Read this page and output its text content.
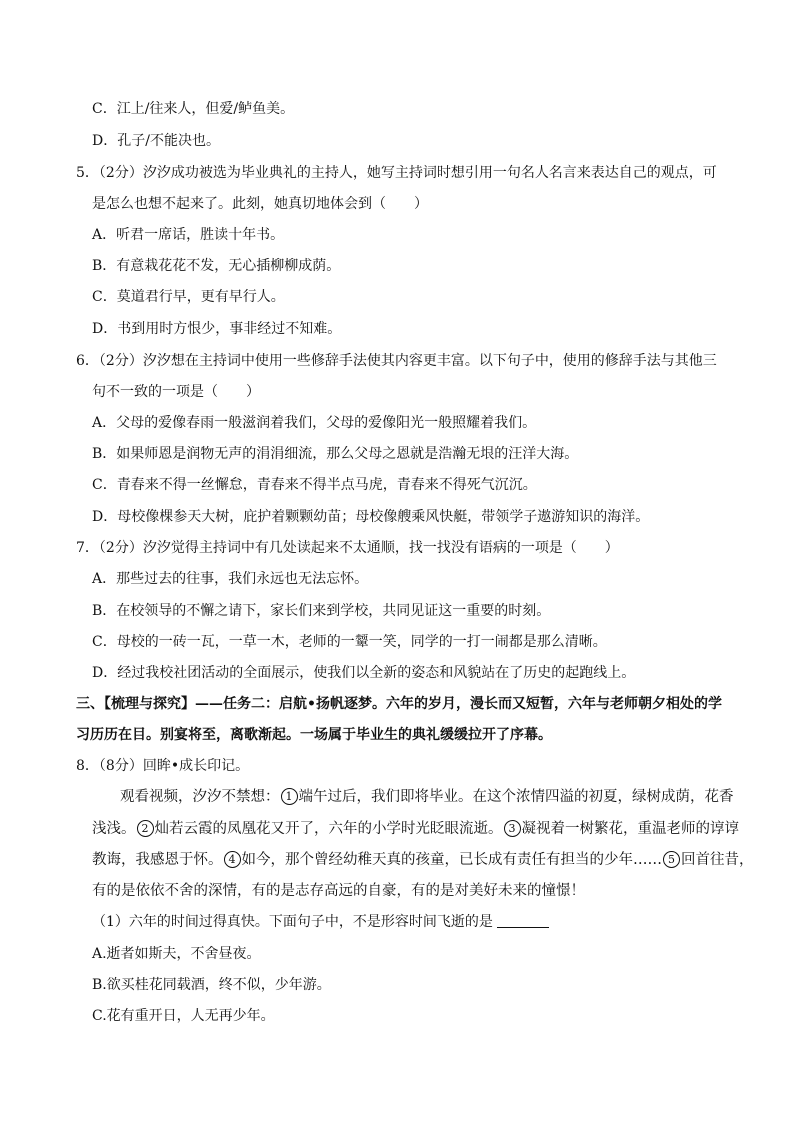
C．江上/往来人，但爱/鲈鱼美。
D．孔子/不能决也。
5．（2分）汐汐成功被选为毕业典礼的主持人，她写主持词时想引用一句名人名言来表达自己的观点，可
是怎么也想不起来了。此刻，她真切地体会到（　　）
A．听君一席话，胜读十年书。
B．有意栽花花不发，无心插柳柳成荫。
C．莫道君行早，更有早行人。
D．书到用时方恨少，事非经过不知难。
6．（2分）汐汐想在主持词中使用一些修辞手法使其内容更丰富。以下句子中，使用的修辞手法与其他三
句不一致的一项是（　　）
A．父母的爱像春雨一般滋润着我们，父母的爱像阳光一般照耀着我们。
B．如果师恩是润物无声的涓涓细流，那么父母之恩就是浩瀚无垠的汪洋大海。
C．青春来不得一丝懈怠，青春来不得半点马虎，青春来不得死气沉沉。
D．母校像棵参天大树，庇护着颗颗幼苗；母校像艘乘风快艇，带领学子遨游知识的海洋。
7．（2分）汐汐觉得主持词中有几处读起来不太通顺，找一找没有语病的一项是（　　）
A．那些过去的往事，我们永远也无法忘怀。
B．在校领导的不懈之请下，家长们来到学校，共同见证这一重要的时刻。
C．母校的一砖一瓦，一草一木，老师的一颦一笑，同学的一打一闹都是那么清晰。
D．经过我校社团活动的全面展示，使我们以全新的姿态和风貌站在了历史的起跑线上。
三、【梳理与探究】——任务二：启航•扬帆逐梦。六年的岁月，漫长而又短暂，六年与老师朝夕相处的学
习历历在目。别宴将至，离歌渐起。一场属于毕业生的典礼缓缓拉开了序幕。
8．（8分）回眸•成长印记。
观看视频，汐汐不禁想： 1 端午过后，我们即将毕业。在这个浓情四溢的初夏，绿树成荫，花香
浅浅。 2 灿若云霞的凤凰花又开了，六年的小学时光眨眼流逝。 3 凝视着一树繁花，重温老师的谆谆
教诲，我感恩于怀。 4 如今，那个曾经幼稚天真的孩童，已长成有责任有担当的少年…… 5 回首往昔，
有的是依依不舍的深情，有的是志存高远的自豪，有的是对美好未来的憧憬！
（1）六年的时间过得真快。下面句子中，不是形容时间飞逝的是
A.逝者如斯夫，不舍昼夜。
B.欲买桂花同载酒，终不似，少年游。
C.花有重开日，人无再少年。
